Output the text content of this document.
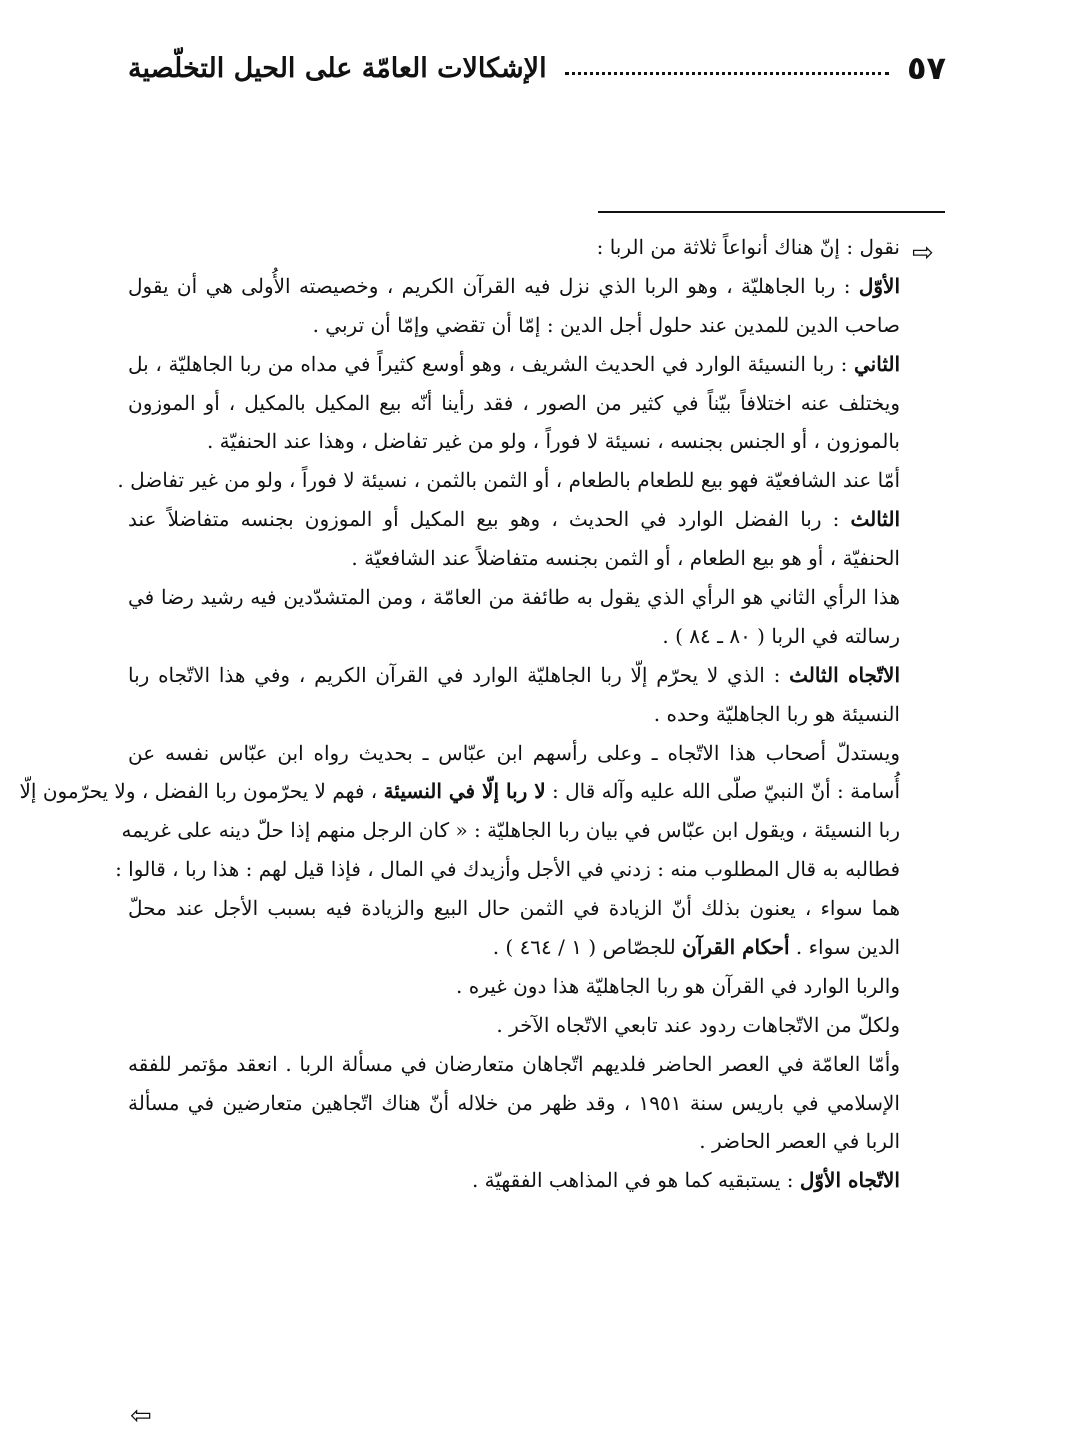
الإشكالات العامّة على الحيل التخلّصية	٥٧
⇨
نقول : إنّ هناك أنواعاً ثلاثة من الربا :
الأوّل : ربا الجاهليّة ، وهو الربا الذي نزل فيه القرآن الكريم ، وخصيصته الأُولى هي أن يقول
صاحب الدين للمدين عند حلول أجل الدين : إمّا أن تقضي وإمّا أن تربي .
الثاني : ربا النسيئة الوارد في الحديث الشريف ، وهو أوسع كثيراً في مداه من ربا الجاهليّة ، بل
ويختلف عنه اختلافاً بيّناً في كثير من الصور ، فقد رأينا أنّه بيع المكيل بالمكيل ، أو الموزون
بالموزون ، أو الجنس بجنسه ، نسيئة لا فوراً ، ولو من غير تفاضل ، وهذا عند الحنفيّة .
أمّا عند الشافعيّة فهو بيع للطعام بالطعام ، أو الثمن بالثمن ، نسيئة لا فوراً ، ولو من غير تفاضل .
الثالث : ربا الفضل الوارد في الحديث ، وهو بيع المكيل أو الموزون بجنسه متفاضلاً عند
الحنفيّة ، أو هو بيع الطعام ، أو الثمن بجنسه متفاضلاً عند الشافعيّة .
هذا الرأي الثاني هو الرأي الذي يقول به طائفة من العامّة ، ومن المتشدّدين فيه رشيد رضا في
رسالته في الربا ( ٨٠ ـ ٨٤ ) .
الاتّجاه الثالث : الذي لا يحرّم إلّا ربا الجاهليّة الوارد في القرآن الكريم ، وفي هذا الاتّجاه ربا
النسيئة هو ربا الجاهليّة وحده .
ويستدلّ أصحاب هذا الاتّجاه ـ وعلى رأسهم ابن عبّاس ـ بحديث رواه ابن عبّاس نفسه عن
أُسامة : أنّ النبيّ صلّى الله عليه وآله قال : لا ربا إلّا في النسيئة ، فهم لا يحرّمون ربا الفضل ، ولا يحرّمون إلّا
ربا النسيئة ، ويقول ابن عبّاس في بيان ربا الجاهليّة : « كان الرجل منهم إذا حلّ دينه على غريمه
فطالبه به قال المطلوب منه : زدني في الأجل وأزيدك في المال ، فإذا قيل لهم : هذا ربا ، قالوا :
هما سواء ، يعنون بذلك أنّ الزيادة في الثمن حال البيع والزيادة فيه بسبب الأجل عند محلّ
الدين سواء . أحكام القرآن للجصّاص ( ١ / ٤٦٤ ) .
والربا الوارد في القرآن هو ربا الجاهليّة هذا دون غيره .
ولكلّ من الاتّجاهات ردود عند تابعي الاتّجاه الآخر .
وأمّا العامّة في العصر الحاضر فلديهم اتّجاهان متعارضان في مسألة الربا . انعقد مؤتمر للفقه
الإسلامي في باريس سنة ١٩٥١ ، وقد ظهر من خلاله أنّ هناك اتّجاهين متعارضين في مسألة
الربا في العصر الحاضر .
الاتّجاه الأوّل : يستبقيه كما هو في المذاهب الفقهيّة .
⇦
